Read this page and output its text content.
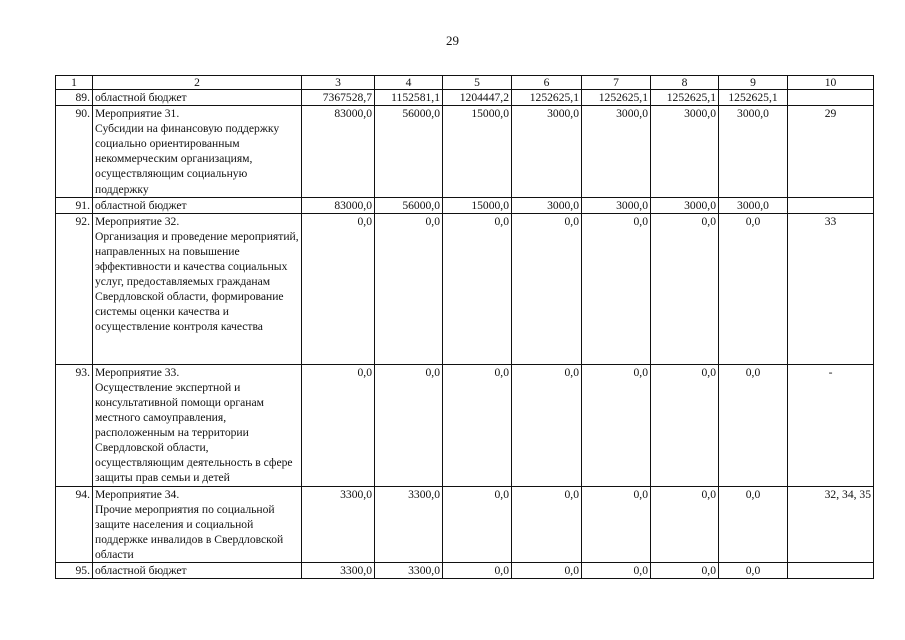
29
1	2	3	4	5	6	7	8	9	10
89.	областной бюджет	7367528,7	1152581,1	1204447,2	1252625,1	1252625,1	1252625,1	1252625,1	
90.	Мероприятие 31.
Субсидии на финансовую поддержку социально ориентированным некоммерческим организациям, осуществляющим социальную поддержку	83000,0	56000,0	15000,0	3000,0	3000,0	3000,0	3000,0	29
91.	областной бюджет	83000,0	56000,0	15000,0	3000,0	3000,0	3000,0	3000,0	
92.	Мероприятие 32.
Организация и проведение мероприятий, направленных на повышение эффективности и качества социальных услуг, предоставляемых гражданам Свердловской области, формирование системы оценки качества и осуществление контроля качества	0,0	0,0	0,0	0,0	0,0	0,0	0,0	33
93.	Мероприятие 33.
Осуществление экспертной и консультативной помощи органам местного самоуправления, расположенным на территории Свердловской области, осуществляющим деятельность в сфере защиты прав семьи и детей	0,0	0,0	0,0	0,0	0,0	0,0	0,0	-
94.	Мероприятие 34.
Прочие мероприятия по социальной защите населения и социальной поддержке инвалидов в Свердловской области	3300,0	3300,0	0,0	0,0	0,0	0,0	0,0	32, 34, 35
95.	областной бюджет	3300,0	3300,0	0,0	0,0	0,0	0,0	0,0	
